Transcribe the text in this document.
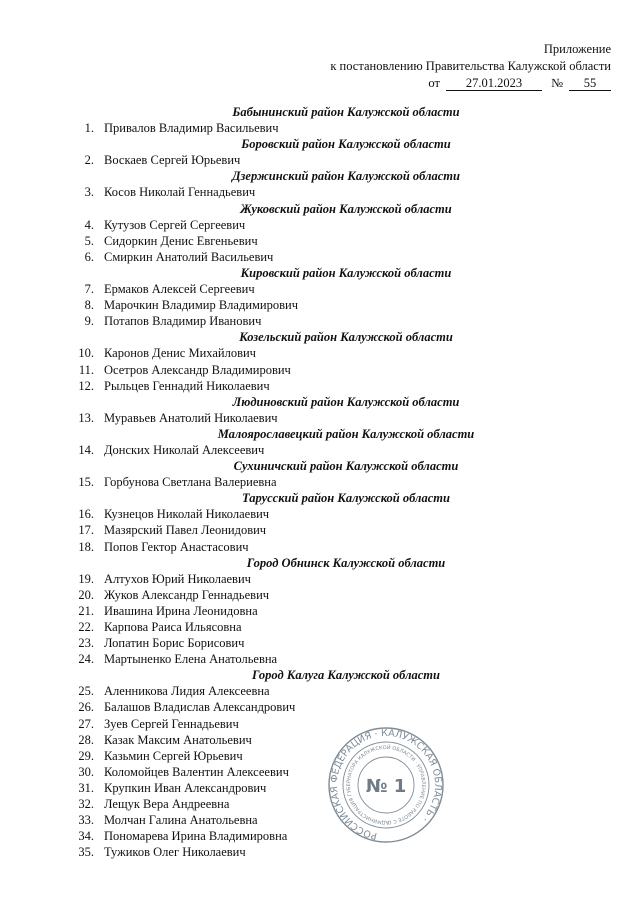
Приложение
к постановлению Правительства Калужской области
от 27.01.2023 № 55
Бабынинский район Калужской области
1. Привалов Владимир Васильевич
Боровский район Калужской области
2. Воскаев Сергей Юрьевич
Дзержинский район Калужской области
3. Косов Николай Геннадьевич
Жуковский район Калужской области
4. Кутузов Сергей Сергеевич
5. Сидоркин Денис Евгеньевич
6. Смиркин Анатолий Васильевич
Кировский район Калужской области
7. Ермаков Алексей Сергеевич
8. Марочкин Владимир Владимирович
9. Потапов Владимир Иванович
Козельский район Калужской области
10. Каронов Денис Михайлович
11. Осетров Александр Владимирович
12. Рыльцев Геннадий Николаевич
Людиновский район Калужской области
13. Муравьев Анатолий Николаевич
Малоярославецкий район Калужской области
14. Донских Николай Алексеевич
Сухиничский район Калужской области
15. Горбунова Светлана Валериевна
Тарусский район Калужской области
16. Кузнецов Николай Николаевич
17. Мазярский Павел Леонидович
18. Попов Гектор Анастасович
Город Обнинск Калужской области
19. Алтухов Юрий Николаевич
20. Жуков Александр Геннадьевич
21. Ивашина Ирина Леонидовна
22. Карпова Раиса Ильясовна
23. Лопатин Борис Борисович
24. Мартыненко Елена Анатольевна
Город Калуга Калужской области
25. Аленникова Лидия Алексеевна
26. Балашов Владислав Александрович
27. Зуев Сергей Геннадьевич
28. Казак Максим Анатольевич
29. Казьмин Сергей Юрьевич
30. Коломойцев Валентин Алексеевич
31. Крупкин Иван Александрович
32. Лещук Вера Андреевна
33. Молчан Галина Анатольевна
34. Пономарева Ирина Владимировна
35. Тужиков Олег Николаевич
РОССИЙСКАЯ ФЕДЕРАЦИЯ · КАЛУЖСКАЯ ОБЛАСТЬ ·
АДМИНИСТРАЦИЯ ГУБЕРНАТОРА КАЛУЖСКОЙ ОБЛАСТИ · УПРАВЛЕНИЕ ПО РАБОТЕ С ОБРАЩЕНИЯМИ
№ 1
